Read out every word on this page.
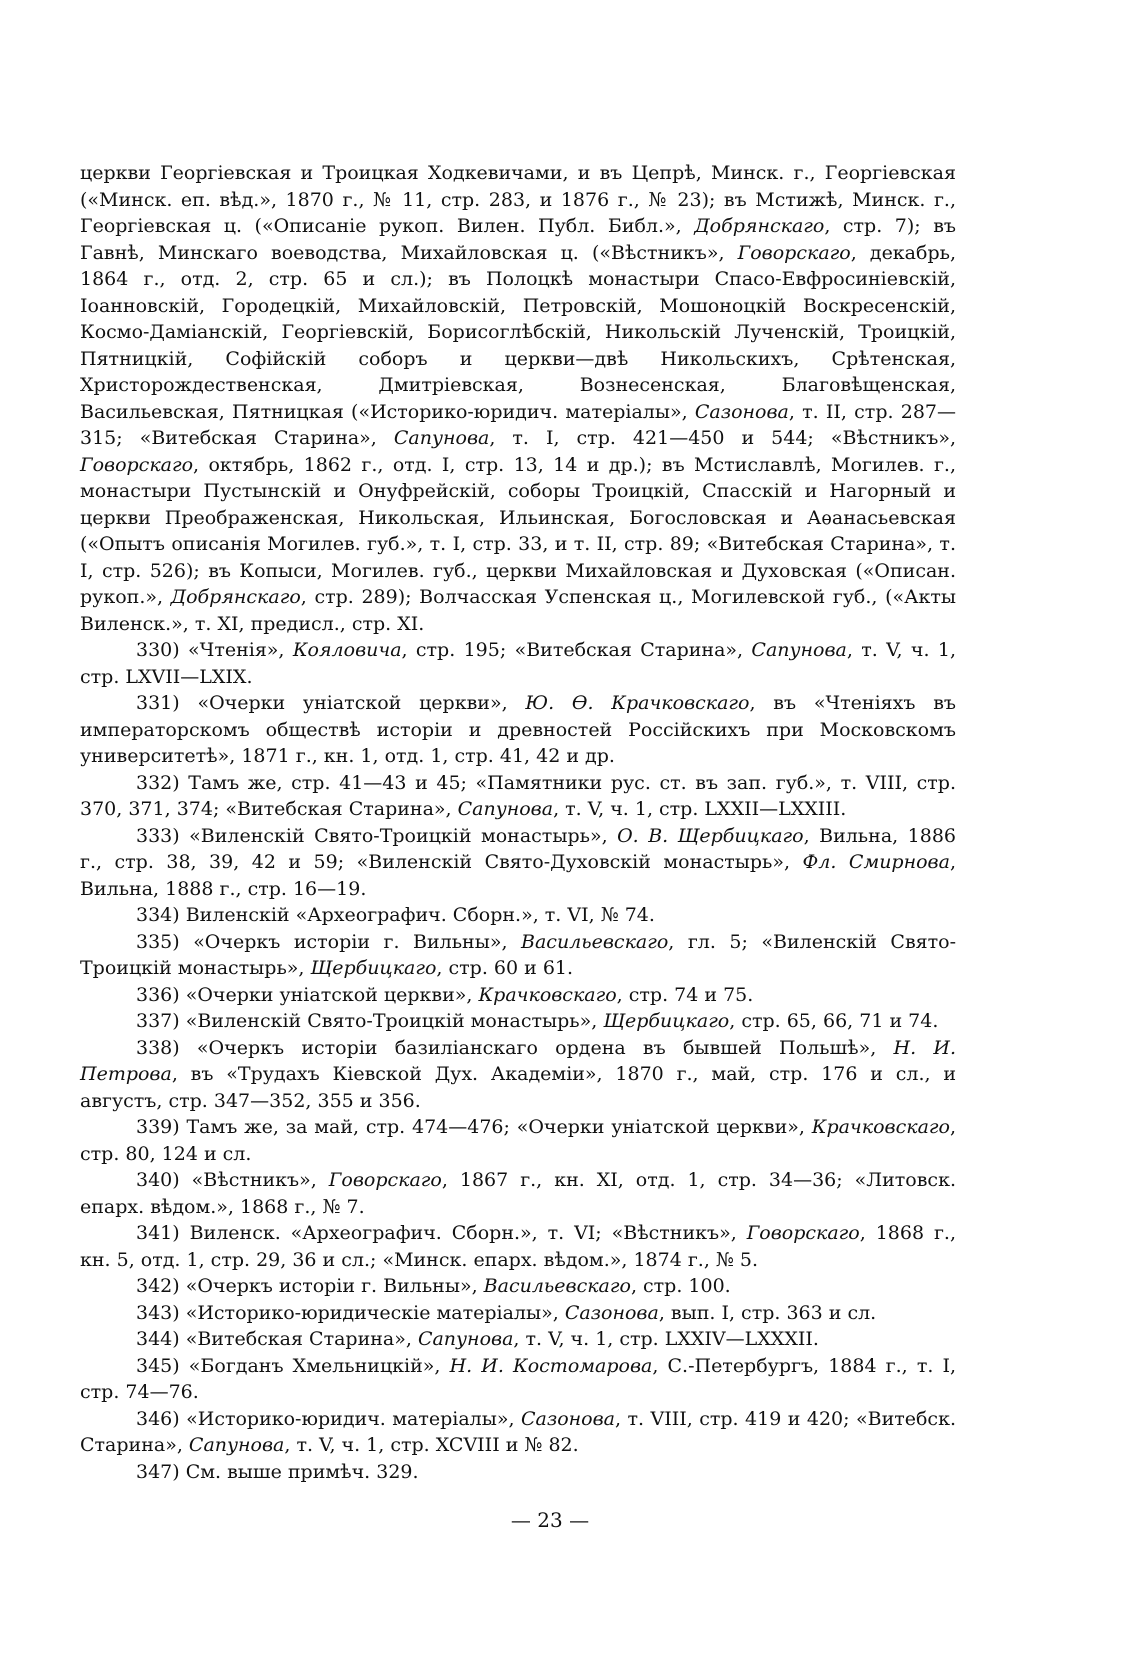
церкви Георгіевская и Троицкая Ходкевичами, и въ Цепрѣ, Минск. г., Георгіевская («Минск. еп. вѣд.», 1870 г., № 11, стр. 283, и 1876 г., № 23); въ Мстижѣ, Минск. г., Георгіевская ц. («Описаніе рукоп. Вилен. Публ. Библ.», Добрянскаго, стр. 7); въ Гавнѣ, Минскаго воеводства, Михайловская ц. («Вѣстникъ», Говорскаго, декабрь, 1864 г., отд. 2, стр. 65 и сл.); въ Полоцкѣ монастыри Спасо-Евфросиніевскій, Іоанновскій, Городецкій, Михайловскій, Петровскій, Мошоноцкій Воскресенскій, Космо-Даміанскій, Георгіевскій, Борисоглѣбскій, Никольскій Лученскій, Троицкій, Пятницкій, Софійскій соборъ и церкви—двѣ Никольскихъ, Срѣтенская, Христорождественская, Дмитріевская, Вознесенская, Благовѣщенская, Васильевская, Пятницкая («Историко-юридич. матеріалы», Сазонова, т. II, стр. 287—315; «Витебская Старина», Сапунова, т. I, стр. 421—450 и 544; «Вѣстникъ», Говорскаго, октябрь, 1862 г., отд. I, стр. 13, 14 и др.); въ Мстиславлѣ, Могилев. г., монастыри Пустынскій и Онуфрейскій, соборы Троицкій, Спасскій и Нагорный и церкви Преображенская, Никольская, Ильинская, Богословская и Аѳанасьевская («Опытъ описанія Могилев. губ.», т. I, стр. 33, и т. II, стр. 89; «Витебская Старина», т. I, стр. 526); въ Копыси, Могилев. губ., церкви Михайловская и Духовская («Описан. рукоп.», Добрянскаго, стр. 289); Волчасская Успенская ц., Могилевской губ., («Акты Виленск.», т. XI, предисл., стр. XI.

330) «Чтенія», Кояловича, стр. 195; «Витебская Старина», Сапунова, т. V, ч. 1, стр. LXVII—LXIX.

331) «Очерки уніатской церкви», Ю. Ѳ. Крачковскаго, въ «Чтеніяхъ въ императорскомъ обществѣ исторіи и древностей Россійскихъ при Московскомъ университетѣ», 1871 г., кн. 1, отд. 1, стр. 41, 42 и др.

332) Тамъ же, стр. 41—43 и 45; «Памятники рус. ст. въ зап. губ.», т. VIII, стр. 370, 371, 374; «Витебская Старина», Сапунова, т. V, ч. 1, стр. LXXII—LXXIII.

333) «Виленскій Свято-Троицкій монастырь», О. В. Щербицкаго, Вильна, 1886 г., стр. 38, 39, 42 и 59; «Виленскій Свято-Духовскій монастырь», Фл. Смирнова, Вильна, 1888 г., стр. 16—19.

334) Виленскій «Археографич. Сборн.», т. VI, № 74.

335) «Очеркъ исторіи г. Вильны», Васильевскаго, гл. 5; «Виленскій Свято-Троицкій монастырь», Щербицкаго, стр. 60 и 61.

336) «Очерки уніатской церкви», Крачковскаго, стр. 74 и 75.

337) «Виленскій Свято-Троицкій монастырь», Щербицкаго, стр. 65, 66, 71 и 74.

338) «Очеркъ исторіи базиліанскаго ордена въ бывшей Польшѣ», Н. И. Петрова, въ «Трудахъ Кіевской Дух. Академіи», 1870 г., май, стр. 176 и сл., и августъ, стр. 347—352, 355 и 356.

339) Тамъ же, за май, стр. 474—476; «Очерки уніатской церкви», Крачковскаго, стр. 80, 124 и сл.

340) «Вѣстникъ», Говорскаго, 1867 г., кн. XI, отд. 1, стр. 34—36; «Литовск. епарх. вѣдом.», 1868 г., № 7.

341) Виленск. «Археографич. Сборн.», т. VI; «Вѣстникъ», Говорскаго, 1868 г., кн. 5, отд. 1, стр. 29, 36 и сл.; «Минск. епарх. вѣдом.», 1874 г., № 5.

342) «Очеркъ исторіи г. Вильны», Васильевскаго, стр. 100.

343) «Историко-юридическіе матеріалы», Сазонова, вып. I, стр. 363 и сл.

344) «Витебская Старина», Сапунова, т. V, ч. 1, стр. LXXIV—LXXXII.

345) «Богданъ Хмельницкій», Н. И. Костомарова, С.-Петербургъ, 1884 г., т. I, стр. 74—76.

346) «Историко-юридич. матеріалы», Сазонова, т. VIII, стр. 419 и 420; «Витебск. Старина», Сапунова, т. V, ч. 1, стр. XCVIII и № 82.

347) См. выше примѣч. 329.

— 23 —
